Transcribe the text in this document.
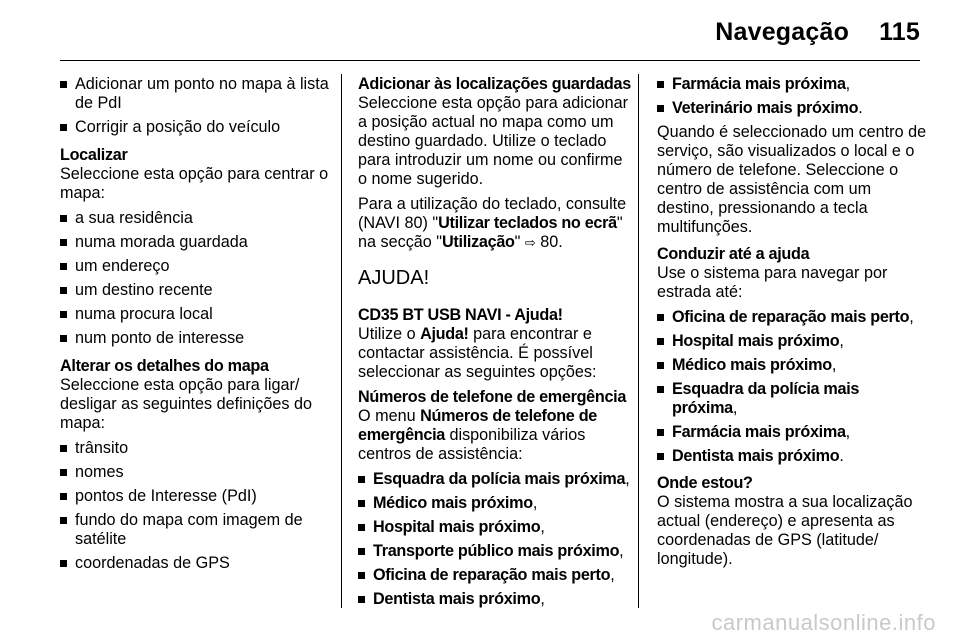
Navegação 115
Adicionar um ponto no mapa à lista de PdI
Corrigir a posição do veículo
Localizar
Seleccione esta opção para centrar o mapa:
a sua residência
numa morada guardada
um endereço
um destino recente
numa procura local
num ponto de interesse
Alterar os detalhes do mapa
Seleccione esta opção para ligar/ desligar as seguintes definições do mapa:
trânsito
nomes
pontos de Interesse (PdI)
fundo do mapa com imagem de satélite
coordenadas de GPS
Adicionar às localizações guardadas
Seleccione esta opção para adicionar a posição actual no mapa como um destino guardado. Utilize o teclado para introduzir um nome ou confirme o nome sugerido.
Para a utilização do teclado, consulte (NAVI 80) "Utilizar teclados no ecrã" na secção "Utilização" ⇨ 80.
AJUDA!
CD35 BT USB NAVI - Ajuda!
Utilize o Ajuda! para encontrar e contactar assistência. É possível seleccionar as seguintes opções:
Números de telefone de emergência
O menu Números de telefone de emergência disponibiliza vários centros de assistência:
Esquadra da polícia mais próxima,
Médico mais próximo,
Hospital mais próximo,
Transporte público mais próximo,
Oficina de reparação mais perto,
Dentista mais próximo,
Farmácia mais próxima,
Veterinário mais próximo.
Quando é seleccionado um centro de serviço, são visualizados o local e o número de telefone. Seleccione o centro de assistência com um destino, pressionando a tecla multifunções.
Conduzir até a ajuda
Use o sistema para navegar por estrada até:
Oficina de reparação mais perto,
Hospital mais próximo,
Médico mais próximo,
Esquadra da polícia mais próxima,
Farmácia mais próxima,
Dentista mais próximo.
Onde estou?
O sistema mostra a sua localização actual (endereço) e apresenta as coordenadas de GPS (latitude/ longitude).
carmanualsonline.info
